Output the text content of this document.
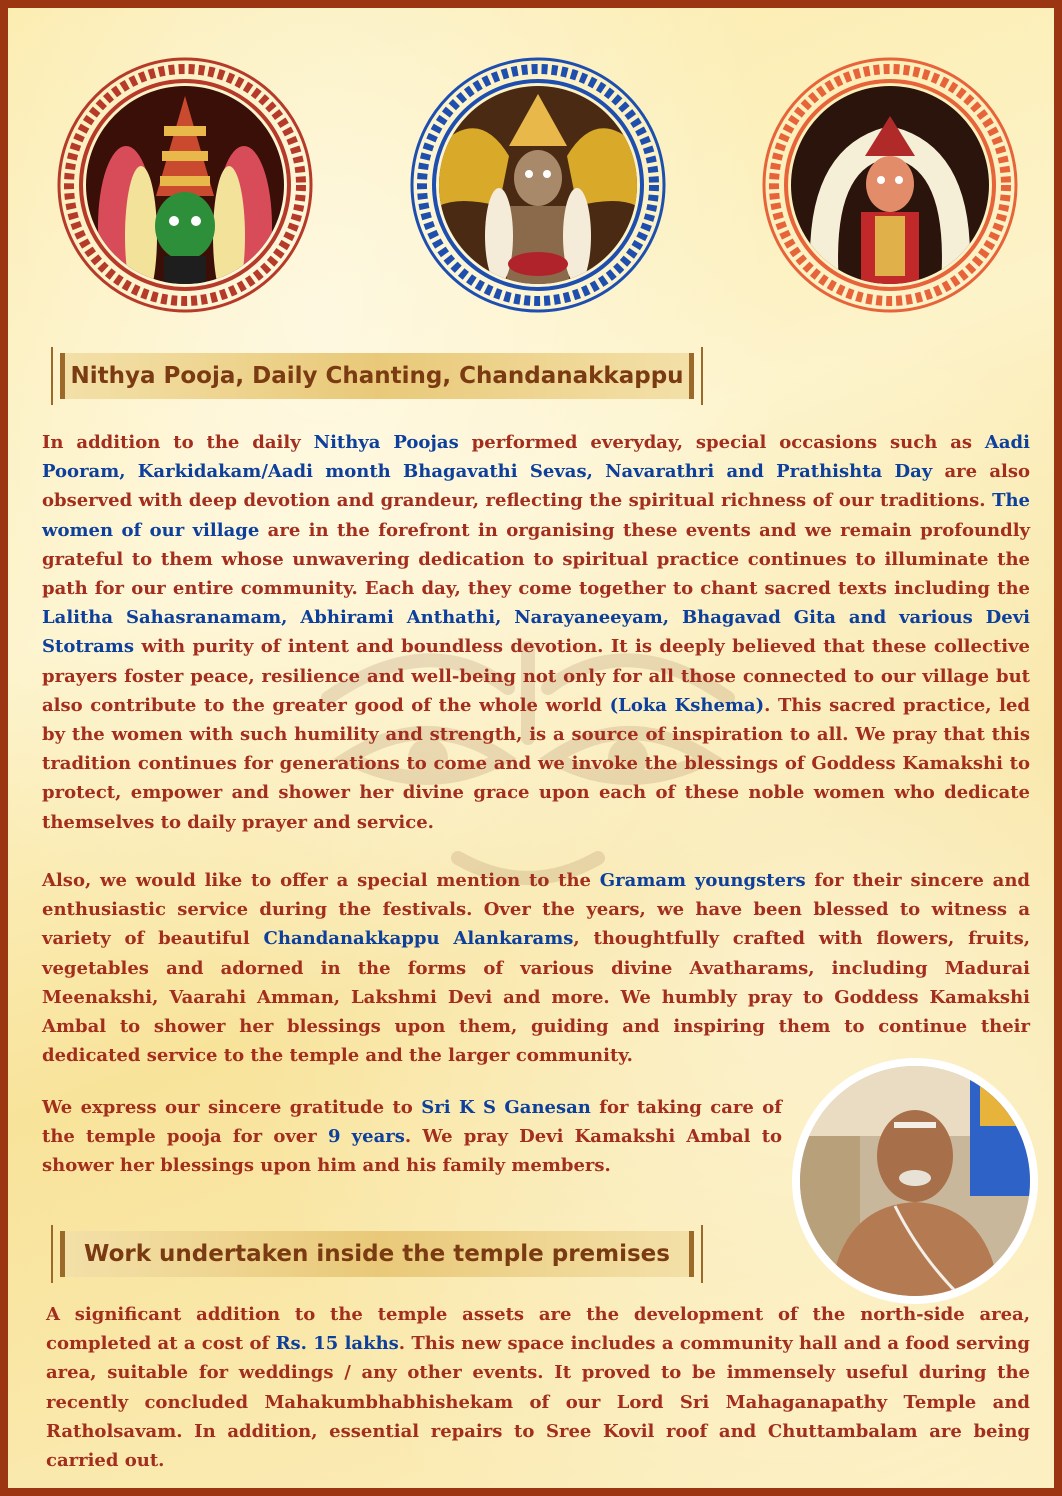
Nithya Pooja, Daily Chanting, Chandanakkappu

In addition to the daily Nithya Poojas performed everyday, special occasions such as Aadi Pooram, Karkidakam/Aadi month Bhagavathi Sevas, Navarathri and Prathishta Day are also observed with deep devotion and grandeur, reflecting the spiritual richness of our traditions. The women of our village are in the forefront in organising these events and we remain profoundly grateful to them whose unwavering dedication to spiritual practice continues to illuminate the path for our entire community. Each day, they come together to chant sacred texts including the Lalitha Sahasranamam, Abhirami Anthathi, Narayaneeyam, Bhagavad Gita and various Devi Stotrams with purity of intent and boundless devotion. It is deeply believed that these collective prayers foster peace, resilience and well-being not only for all those connected to our village but also contribute to the greater good of the whole world (Loka Kshema). This sacred practice, led by the women with such humility and strength, is a source of inspiration to all. We pray that this tradition continues for generations to come and we invoke the blessings of Goddess Kamakshi to protect, empower and shower her divine grace upon each of these noble women who dedicate themselves to daily prayer and service.

Also, we would like to offer a special mention to the Gramam youngsters for their sincere and enthusiastic service during the festivals. Over the years, we have been blessed to witness a variety of beautiful Chandanakkappu Alankarams, thoughtfully crafted with flowers, fruits, vegetables and adorned in the forms of various divine Avatharams, including Madurai Meenakshi, Vaarahi Amman, Lakshmi Devi and more. We humbly pray to Goddess Kamakshi Ambal to shower her blessings upon them, guiding and inspiring them to continue their dedicated service to the temple and the larger community.

We express our sincere gratitude to Sri K S Ganesan for taking care of the temple pooja for over 9 years. We pray Devi Kamakshi Ambal to shower her blessings upon him and his family members.

Work undertaken inside the temple premises

A significant addition to the temple assets are the development of the north-side area, completed at a cost of Rs. 15 lakhs. This new space includes a community hall and a food serving area, suitable for weddings / any other events. It proved to be immensely useful during the recently concluded Mahakumbhabhishekam of our Lord Sri Mahaganapathy Temple and Ratholsavam. In addition, essential repairs to Sree Kovil roof and Chuttambalam are being carried out.
